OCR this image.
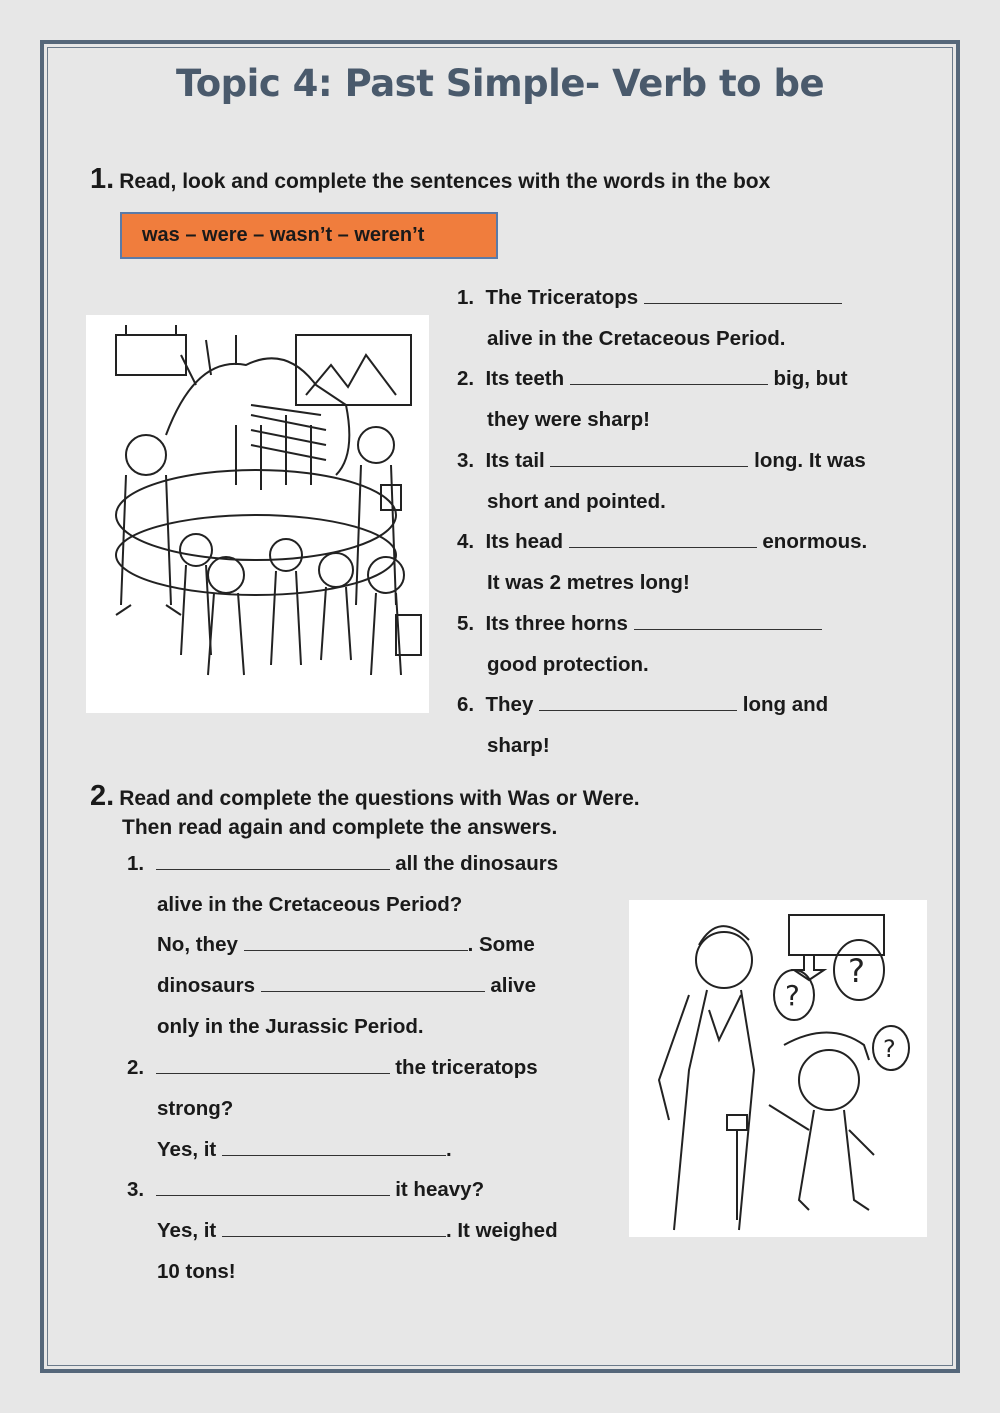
Topic 4: Past Simple- Verb to be
1. Read, look and complete the sentences with the words in the box
was – were – wasn’t – weren’t
1. The Triceratops
alive in the Cretaceous Period.
2. Its teeth	big, but
they were sharp!
3. Its tail	long. It was
short and pointed.
4. Its head	enormous.
It was 2 metres long!
5. Its three horns
good protection.
6. They	long and
sharp!
2. Read and complete the questions with Was or Were.
Then read again and complete the answers.
1.	all the dinosaurs
alive in the Cretaceous Period?
No, they	. Some
dinosaurs	alive
only in the Jurassic Period.
2.	the triceratops
strong?
Yes, it	.
3.	it heavy?
Yes, it	. It weighed
10 tons!
?
?
?
